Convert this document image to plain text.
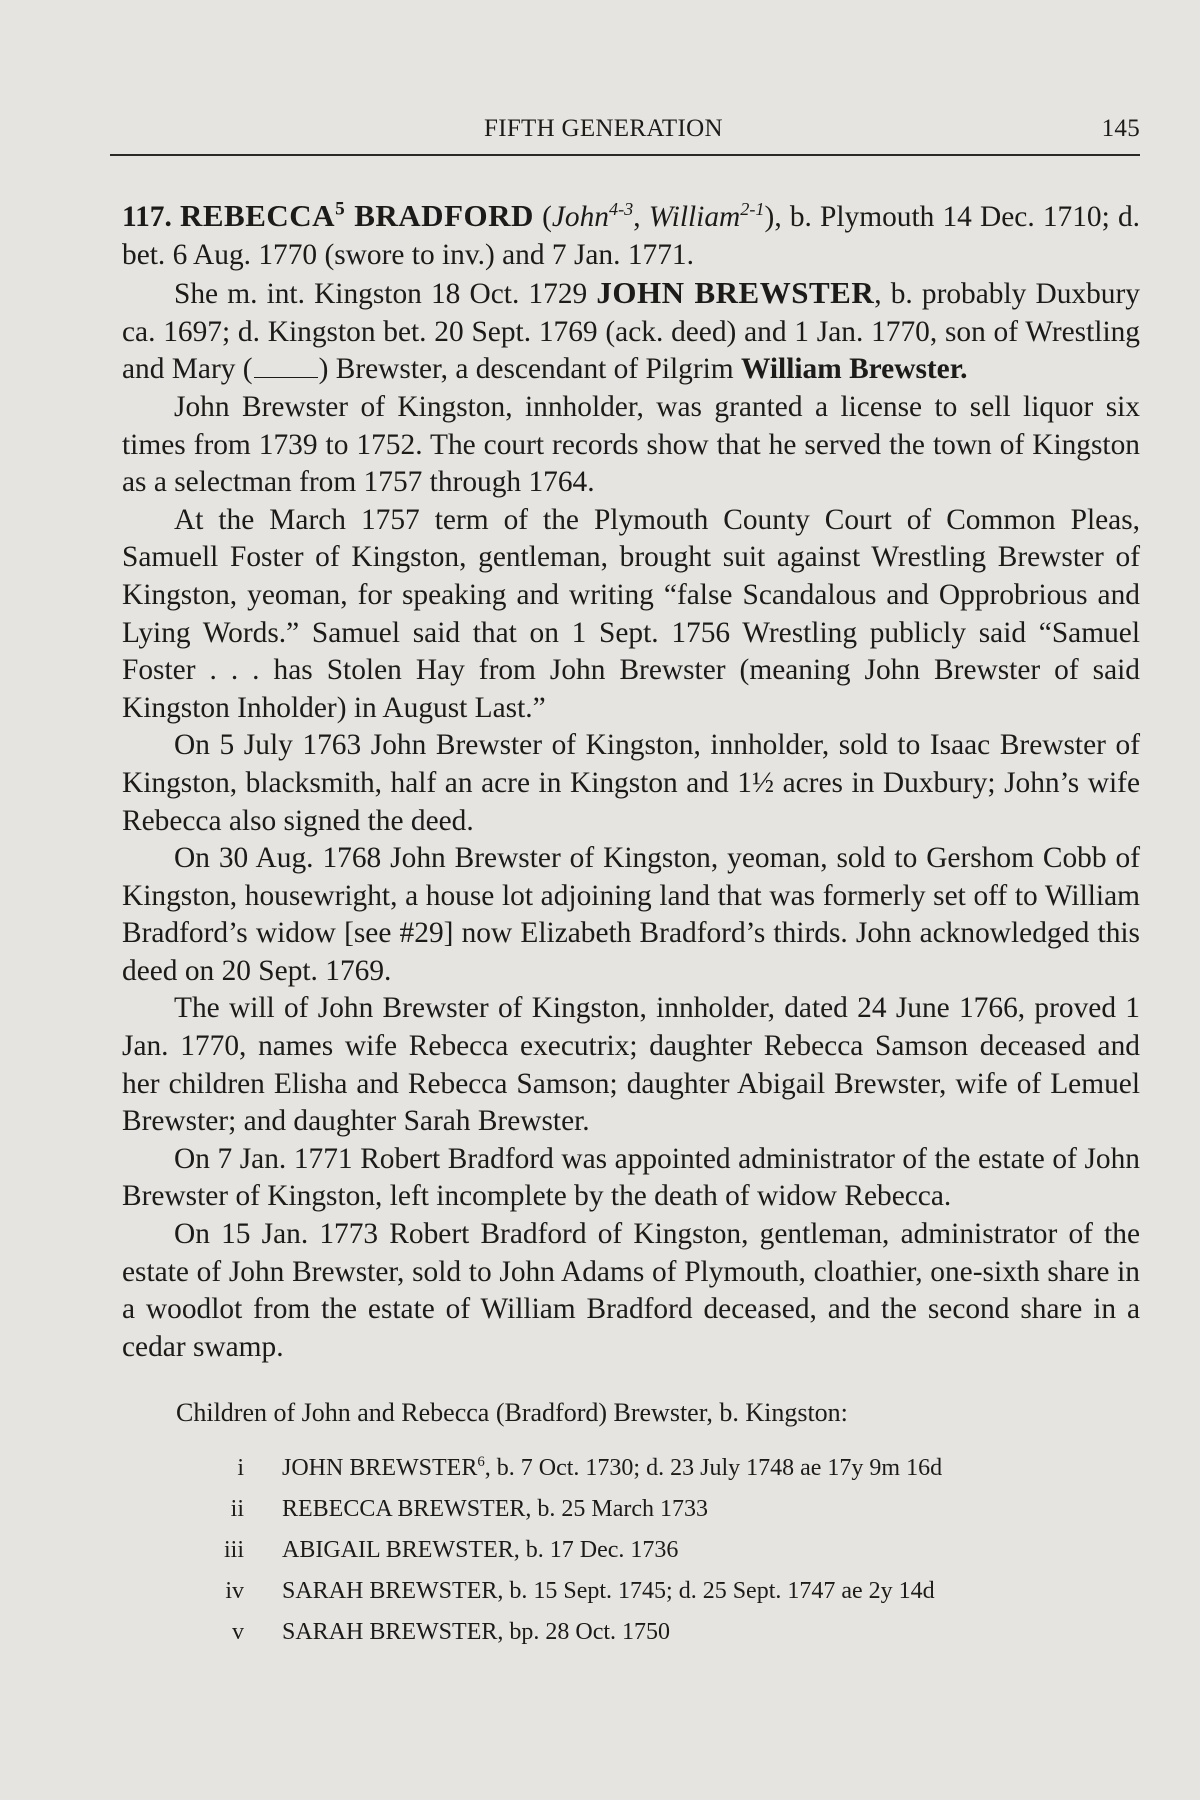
FIFTH GENERATION	145

117. REBECCA$^5$ BRADFORD (John$^{4-3}$, William$^{2-1}$), b. Plymouth 14 Dec. 1710; d. bet. 6 Aug. 1770 (swore to inv.) and 7 Jan. 1771.

She m. int. Kingston 18 Oct. 1729 JOHN BREWSTER, b. probably Duxbury ca. 1697; d. Kingston bet. 20 Sept. 1769 (ack. deed) and 1 Jan. 1770, son of Wrestling and Mary ( ) Brewster, a descendant of Pilgrim William Brewster.

John Brewster of Kingston, innholder, was granted a license to sell liquor six times from 1739 to 1752. The court records show that he served the town of Kingston as a selectman from 1757 through 1764.

At the March 1757 term of the Plymouth County Court of Common Pleas, Samuell Foster of Kingston, gentleman, brought suit against Wrestling Brewster of Kingston, yeoman, for speaking and writing “false Scandalous and Opprobrious and Lying Words.” Samuel said that on 1 Sept. 1756 Wrestling publicly said “Samuel Foster . . . has Stolen Hay from John Brewster (meaning John Brewster of said Kingston Inholder) in August Last.”

On 5 July 1763 John Brewster of Kingston, innholder, sold to Isaac Brewster of Kingston, blacksmith, half an acre in Kingston and 1½ acres in Duxbury; John’s wife Rebecca also signed the deed.

On 30 Aug. 1768 John Brewster of Kingston, yeoman, sold to Gershom Cobb of Kingston, housewright, a house lot adjoining land that was formerly set off to William Bradford’s widow [see #29] now Elizabeth Bradford’s thirds. John acknowledged this deed on 20 Sept. 1769.

The will of John Brewster of Kingston, innholder, dated 24 June 1766, proved 1 Jan. 1770, names wife Rebecca executrix; daughter Rebecca Samson deceased and her children Elisha and Rebecca Samson; daughter Abigail Brewster, wife of Lemuel Brewster; and daughter Sarah Brewster.

On 7 Jan. 1771 Robert Bradford was appointed administrator of the estate of John Brewster of Kingston, left incomplete by the death of widow Rebecca.

On 15 Jan. 1773 Robert Bradford of Kingston, gentleman, administrator of the estate of John Brewster, sold to John Adams of Plymouth, cloathier, one-sixth share in a woodlot from the estate of William Bradford deceased, and the second share in a cedar swamp.

Children of John and Rebecca (Bradford) Brewster, b. Kingston:
i JOHN BREWSTER$^6$, b. 7 Oct. 1730; d. 23 July 1748 ae 17y 9m 16d
ii REBECCA BREWSTER, b. 25 March 1733
iii ABIGAIL BREWSTER, b. 17 Dec. 1736
iv SARAH BREWSTER, b. 15 Sept. 1745; d. 25 Sept. 1747 ae 2y 14d
v SARAH BREWSTER, bp. 28 Oct. 1750
